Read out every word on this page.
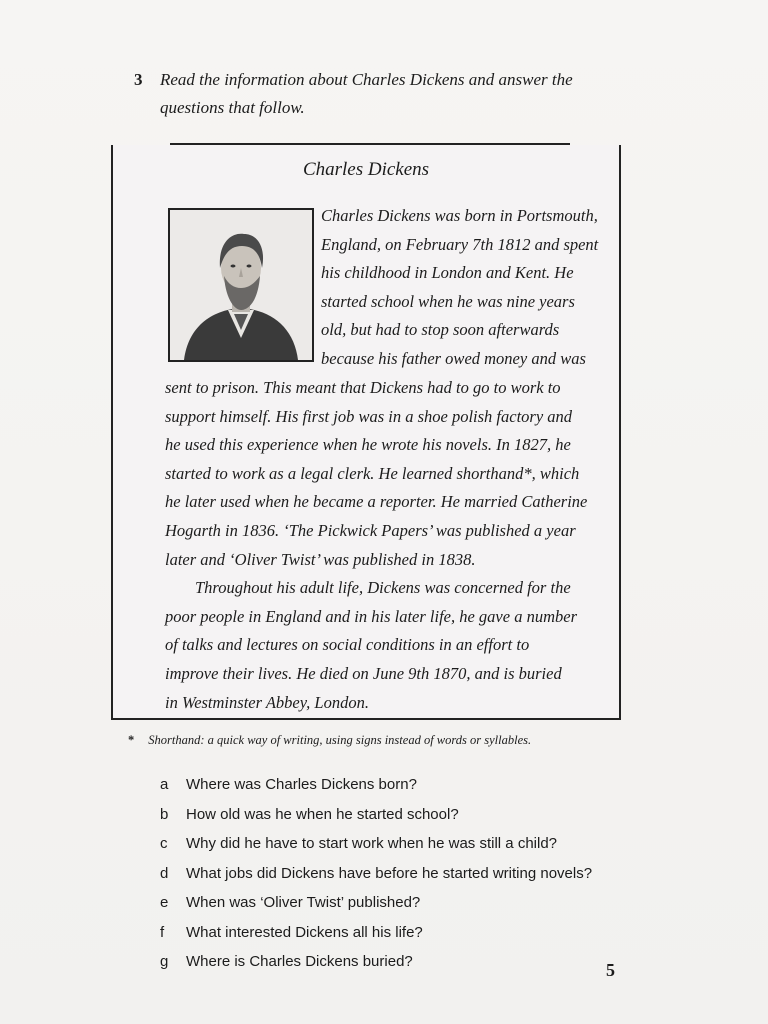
3 Read the information about Charles Dickens and answer the
questions that follow.
Charles Dickens
Charles Dickens was born in Portsmouth,
England, on February 7th 1812 and spent
his childhood in London and Kent. He
started school when he was nine years
old, but had to stop soon afterwards
because his father owed money and was
sent to prison. This meant that Dickens had to go to work to
support himself. His first job was in a shoe polish factory and
he used this experience when he wrote his novels. In 1827, he
started to work as a legal clerk. He learned shorthand*, which
he later used when he became a reporter. He married Catherine
Hogarth in 1836. ‘The Pickwick Papers’ was published a year
later and ‘Oliver Twist’ was published in 1838.
Throughout his adult life, Dickens was concerned for the
poor people in England and in his later life, he gave a number
of talks and lectures on social conditions in an effort to
improve their lives. He died on June 9th 1870, and is buried
in Westminster Abbey, London.
* Shorthand: a quick way of writing, using signs instead of words or syllables.
a Where was Charles Dickens born?
b How old was he when he started school?
c Why did he have to start work when he was still a child?
d What jobs did Dickens have before he started writing novels?
e When was ‘Oliver Twist’ published?
f What interested Dickens all his life?
g Where is Charles Dickens buried?	5
